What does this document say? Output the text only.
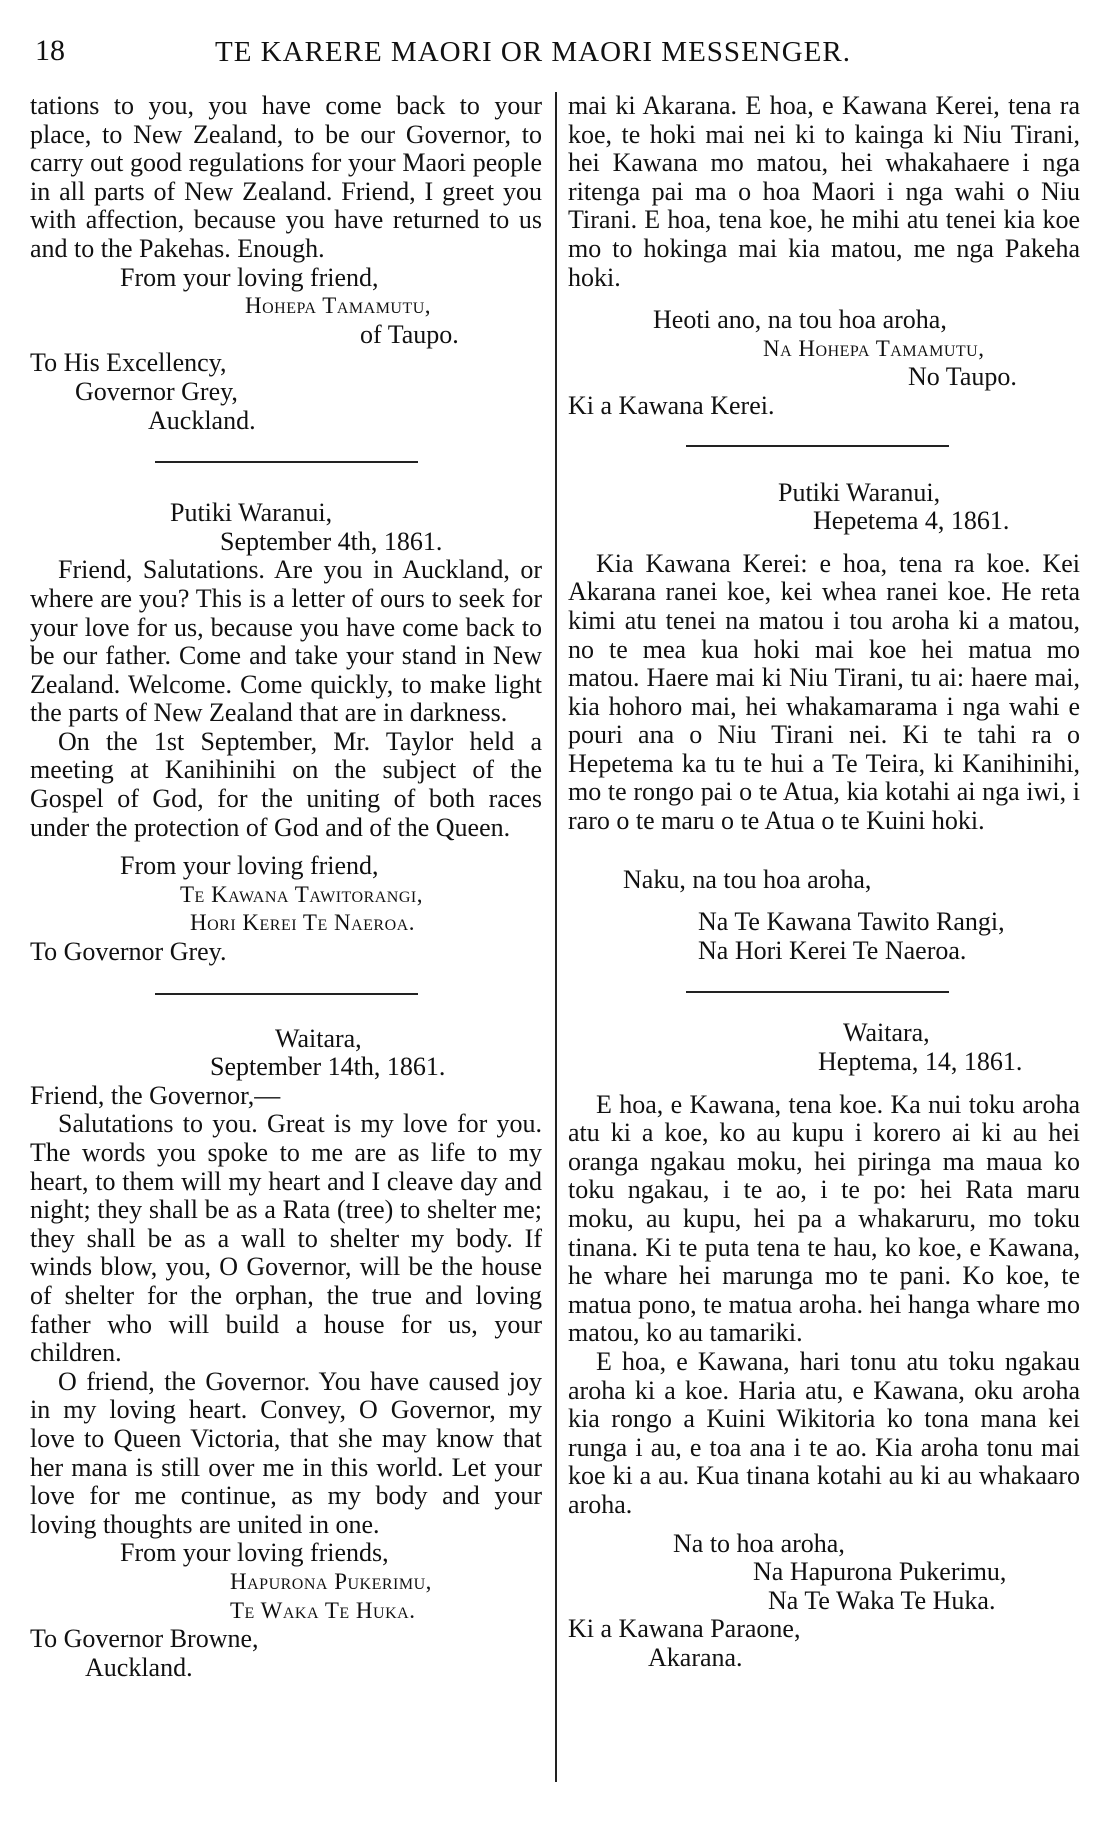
18	TE KARERE MAORI OR MAORI MESSENGER.

tations to you, you have come back to your place, to New Zealand, to be our Governor, to carry out good regulations for your Maori people in all parts of New Zealand. Friend, I greet you with affection, because you have returned to us and to the Pakehas. Enough.

From your loving friend,

Hohepa Tamamutu,

of Taupo.

To His Excellency,

Governor Grey,

Auckland.

Putiki Waranui,

September 4th, 1861.

Friend, Salutations. Are you in Auckland, or where are you? This is a letter of ours to seek for your love for us, because you have come back to be our father. Come and take your stand in New Zealand. Welcome. Come quickly, to make light the parts of New Zealand that are in darkness.

On the 1st September, Mr. Taylor held a meeting at Kanihinihi on the subject of the Gospel of God, for the uniting of both races under the protection of God and of the Queen.

From your loving friend,

Te Kawana Tawitorangi,

Hori Kerei Te Naeroa.

To Governor Grey.

Waitara,

September 14th, 1861.

Friend, the Governor,—

Salutations to you. Great is my love for you. The words you spoke to me are as life to my heart, to them will my heart and I cleave day and night; they shall be as a Rata (tree) to shelter me; they shall be as a wall to shelter my body. If winds blow, you, O Governor, will be the house of shelter for the orphan, the true and loving father who will build a house for us, your children.

O friend, the Governor. You have caused joy in my loving heart. Convey, O Governor, my love to Queen Victoria, that she may know that her mana is still over me in this world. Let your love for me continue, as my body and your loving thoughts are united in one.

From your loving friends,

Hapurona Pukerimu,

Te Waka Te Huka.

To Governor Browne,

Auckland.

mai ki Akarana. E hoa, e Kawana Kerei, tena ra koe, te hoki mai nei ki to kainga ki Niu Tirani, hei Kawana mo matou, hei whakahaere i nga ritenga pai ma o hoa Maori i nga wahi o Niu Tirani. E hoa, tena koe, he mihi atu tenei kia koe mo to hokinga mai kia matou, me nga Pakeha hoki.

Heoti ano, na tou hoa aroha,

Na Hohepa Tamamutu,

No Taupo.

Ki a Kawana Kerei.

Putiki Waranui,

Hepetema 4, 1861.

Kia Kawana Kerei: e hoa, tena ra koe. Kei Akarana ranei koe, kei whea ranei koe. He reta kimi atu tenei na matou i tou aroha ki a matou, no te mea kua hoki mai koe hei matua mo matou. Haere mai ki Niu Tirani, tu ai: haere mai, kia hohoro mai, hei whakamarama i nga wahi e pouri ana o Niu Tirani nei. Ki te tahi ra o Hepetema ka tu te hui a Te Teira, ki Kanihinihi, mo te rongo pai o te Atua, kia kotahi ai nga iwi, i raro o te maru o te Atua o te Kuini hoki.

Naku, na tou hoa aroha,

Na Te Kawana Tawito Rangi,

Na Hori Kerei Te Naeroa.

Waitara,

Heptema, 14, 1861.

E hoa, e Kawana, tena koe. Ka nui toku aroha atu ki a koe, ko au kupu i korero ai ki au hei oranga ngakau moku, hei piringa ma maua ko toku ngakau, i te ao, i te po: hei Rata maru moku, au kupu, hei pa a whakaruru, mo toku tinana. Ki te puta tena te hau, ko koe, e Kawana, he whare hei marunga mo te pani. Ko koe, te matua pono, te matua aroha. hei hanga whare mo matou, ko au tamariki.

E hoa, e Kawana, hari tonu atu toku ngakau aroha ki a koe. Haria atu, e Kawana, oku aroha kia rongo a Kuini Wikitoria ko tona mana kei runga i au, e toa ana i te ao. Kia aroha tonu mai koe ki a au. Kua tinana kotahi au ki au whakaaro aroha.

Na to hoa aroha,

Na Hapurona Pukerimu,

Na Te Waka Te Huka.

Ki a Kawana Paraone,

Akarana.
